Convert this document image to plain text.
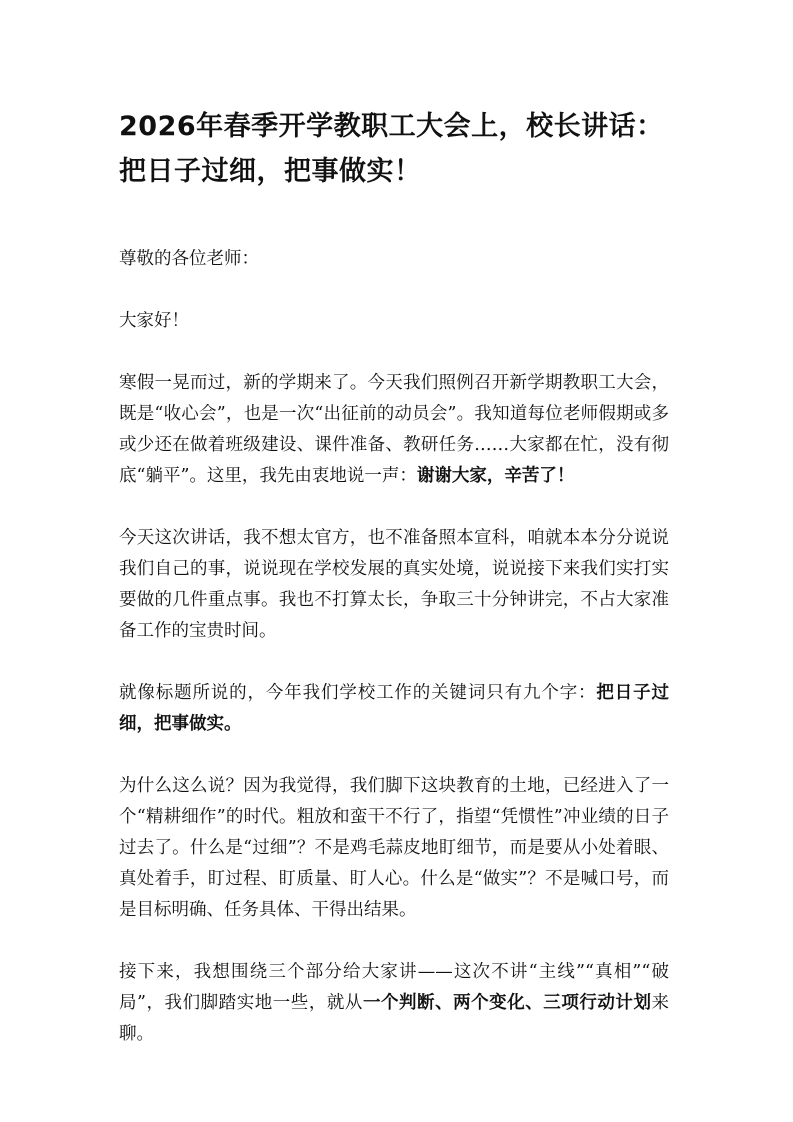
2026年春季开学教职工大会上，校长讲话：把日子过细，把事做实！

尊敬的各位老师：

大家好！

寒假一晃而过，新的学期来了。今天我们照例召开新学期教职工大会，既是“收心会”，也是一次“出征前的动员会”。我知道每位老师假期或多或少还在做着班级建设、课件准备、教研任务……大家都在忙，没有彻底“躺平”。这里，我先由衷地说一声：谢谢大家，辛苦了！

今天这次讲话，我不想太官方，也不准备照本宣科，咱就本本分分说说我们自己的事，说说现在学校发展的真实处境，说说接下来我们实打实要做的几件重点事。我也不打算太长，争取三十分钟讲完，不占大家准备工作的宝贵时间。

就像标题所说的，今年我们学校工作的关键词只有九个字：把日子过细，把事做实。

为什么这么说？因为我觉得，我们脚下这块教育的土地，已经进入了一个“精耕细作”的时代。粗放和蛮干不行了，指望“凭惯性”冲业绩的日子过去了。什么是“过细”？不是鸡毛蒜皮地盯细节，而是要从小处着眼、真处着手，盯过程、盯质量、盯人心。什么是“做实”？不是喊口号，而是目标明确、任务具体、干得出结果。

接下来，我想围绕三个部分给大家讲——这次不讲“主线”“真相”“破局”，我们脚踏实地一些，就从一个判断、两个变化、三项行动计划来聊。
